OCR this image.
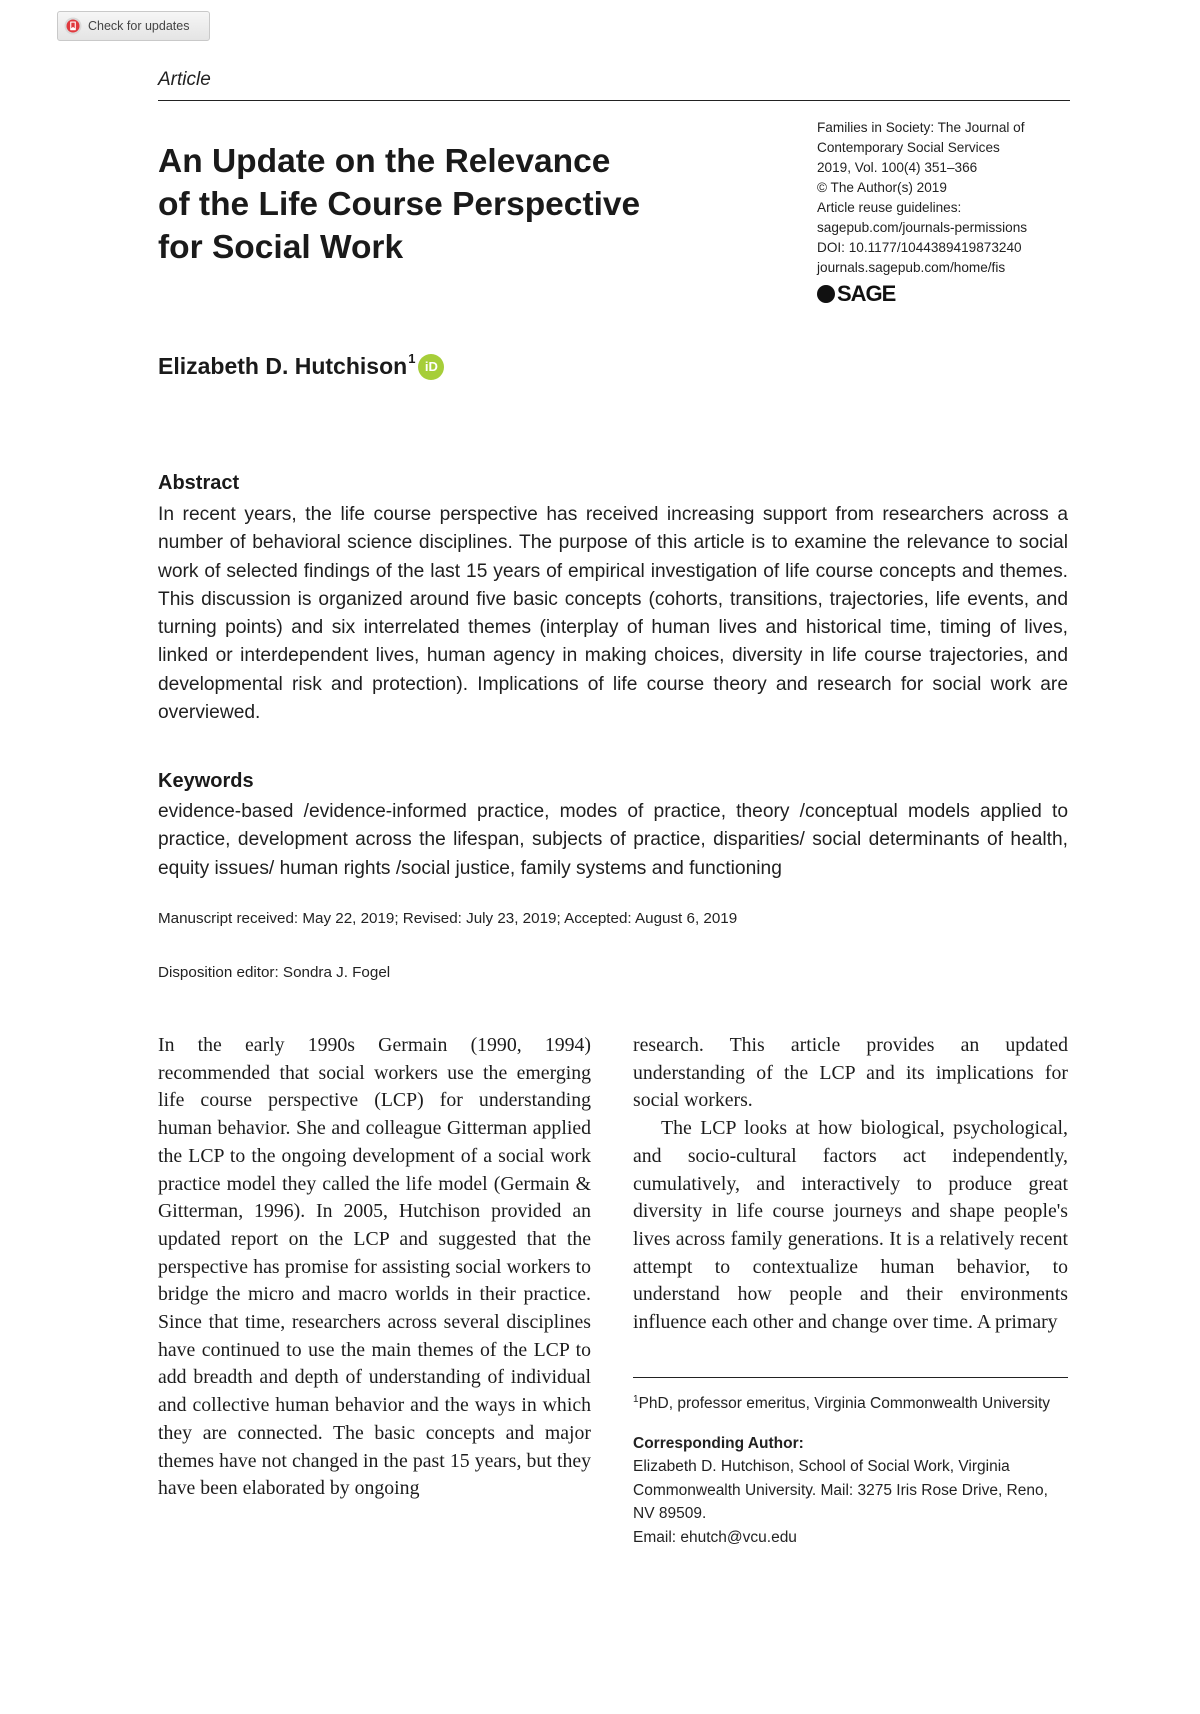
Check for updates
Article
An Update on the Relevance
of the Life Course Perspective
for Social Work
Families in Society: The Journal of
Contemporary Social Services
2019, Vol. 100(4) 351–366
© The Author(s) 2019
Article reuse guidelines:
sagepub.com/journals-permissions
DOI: 10.1177/1044389419873240
journals.sagepub.com/home/fis
SAGE
Elizabeth D. Hutchison$^1$
iD
Abstract
In recent years, the life course perspective has received increasing support from researchers across a number of behavioral science disciplines. The purpose of this article is to examine the relevance to social work of selected findings of the last 15 years of empirical investigation of life course concepts and themes. This discussion is organized around five basic concepts (cohorts, transitions, trajectories, life events, and turning points) and six interrelated themes (interplay of human lives and historical time, timing of lives, linked or interdependent lives, human agency in making choices, diversity in life course trajectories, and developmental risk and protection). Implications of life course theory and research for social work are overviewed.
Keywords
evidence-based /evidence-informed practice, modes of practice, theory /conceptual models applied to practice, development across the lifespan, subjects of practice, disparities/ social determinants of health, equity issues/ human rights /social justice, family systems and functioning
Manuscript received: May 22, 2019; Revised: July 23, 2019; Accepted: August 6, 2019
Disposition editor: Sondra J. Fogel

In the early 1990s Germain (1990, 1994) recommended that social workers use the emerging life course perspective (LCP) for understanding human behavior. She and colleague Gitterman applied the LCP to the ongoing development of a social work practice model they called the life model (Germain & Gitterman, 1996). In 2005, Hutchison provided an updated report on the LCP and suggested that the perspective has promise for assisting social workers to bridge the micro and macro worlds in their practice. Since that time, researchers across several disciplines have continued to use the main themes of the LCP to add breadth and depth of understanding of individual and collective human behavior and the ways in which they are connected. The basic concepts and major themes have not changed in the past 15 years, but they have been elaborated by ongoing

research. This article provides an updated understanding of the LCP and its implications for social workers.

The LCP looks at how biological, psychological, and socio-cultural factors act independently, cumulatively, and interactively to produce great diversity in life course journeys and shape people's lives across family generations. It is a relatively recent attempt to contextualize human behavior, to understand how people and their environments influence each other and change over time. A primary

$^1$PhD, professor emeritus, Virginia Commonwealth University

Corresponding Author:

Elizabeth D. Hutchison, School of Social Work, Virginia Commonwealth University. Mail: 3275 Iris Rose Drive, Reno, NV 89509.

Email: ehutch@vcu.edu
